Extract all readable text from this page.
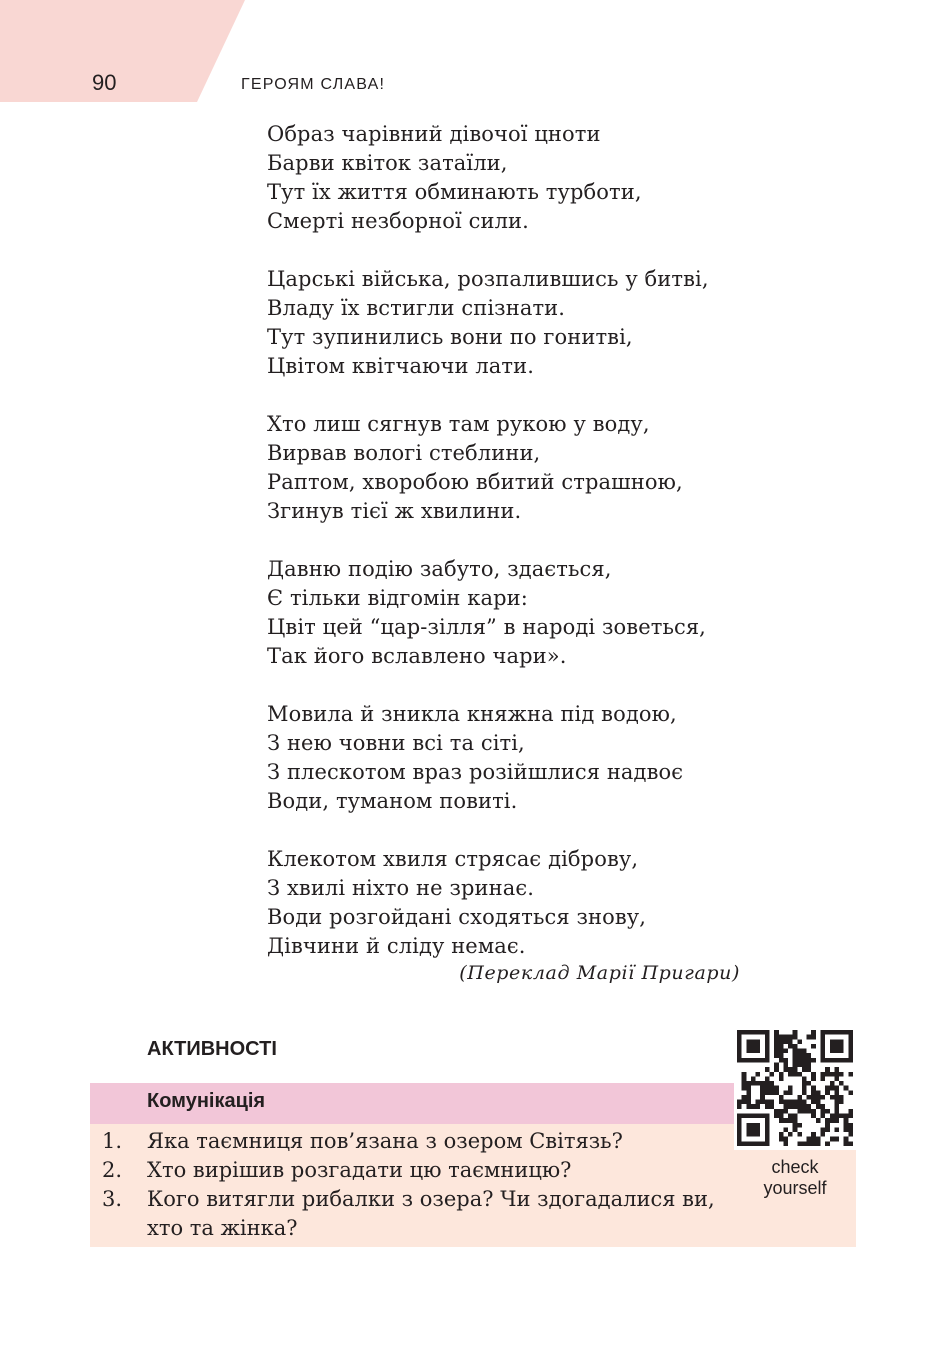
90	ГЕРОЯМ СЛАВА!
Образ чарівний дівочої цноти
Барви квіток затаїли,
Тут їх життя обминають турботи,
Смерті незборної сили.
Царські війська, розпалившись у битві,
Владу їх встигли спізнати.
Тут зупинились вони по гонитві,
Цвітом квітчаючи лати.
Хто лиш сягнув там рукою у воду,
Вирвав вологі стеблини,
Раптом, хворобою вбитий страшною,
Згинув тієї ж хвилини.
Давню подію забуто, здається,
Є тільки відгомін кари:
Цвіт цей “цар-зілля” в народі зоветься,
Так його вславлено чари».
Мовила й зникла княжна під водою,
З нею човни всі та сіті,
З плескотом враз розійшлися надвоє
Води, туманом повиті.
Клекотом хвиля стрясає діброву,
З хвилі ніхто не зринає.
Води розгойдані сходяться знову,
Дівчини й сліду немає.
(Переклад Марії Пригари)
АКТИВНОСТІ
Комунікація
1. Яка таємниця пов’язана з озером Світязь?
2. Хто вирішив розгадати цю таємницю?
3. Кого витягли рибалки з озера? Чи здогадалися ви, хто та жінка?
check
yourself
